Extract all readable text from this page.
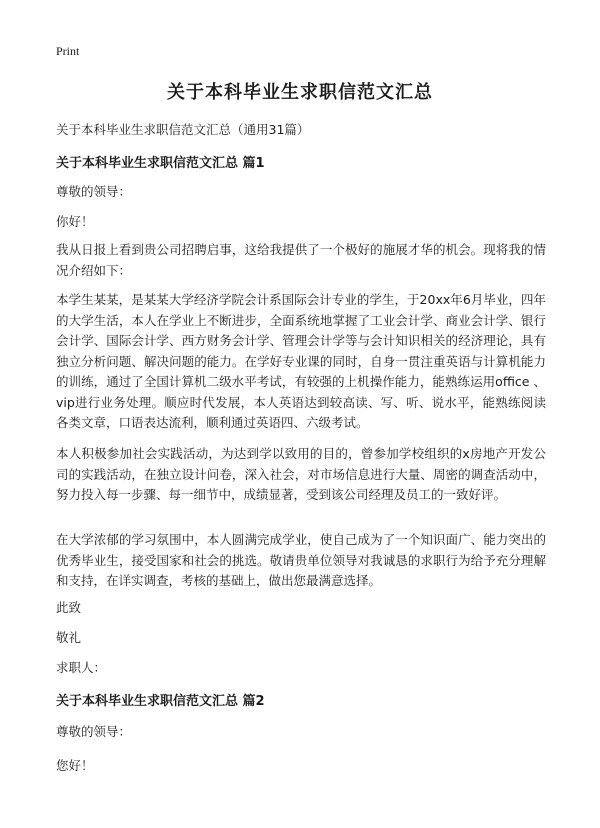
Print
关于本科毕业生求职信范文汇总

关于本科毕业生求职信范文汇总（通用31篇）

关于本科毕业生求职信范文汇总 篇1

尊敬的领导：

你好！

我从日报上看到贵公司招聘启事，这给我提供了一个极好的施展才华的机会。现将我的情况介绍如下：

本学生某某，是某某大学经济学院会计系国际会计专业的学生，于20xx年6月毕业，四年的大学生活，本人在学业上不断进步，全面系统地掌握了工业会计学、商业会计学、银行会计学、国际会计学、西方财务会计学、管理会计学等与会计知识相关的经济理论，具有独立分析问题、解决问题的能力。在学好专业课的同时，自身一贯注重英语与计算机能力的训练，通过了全国计算机二级水平考试，有较强的上机操作能力，能熟练运用office 、vip进行业务处理。顺应时代发展，本人英语达到较高读、写、听、说水平，能熟练阅读各类文章，口语表达流利，顺利通过英语四、六级考试。

本人积极参加社会实践活动，为达到学以致用的目的，曾参加学校组织的x房地产开发公司的实践活动，在独立设计问卷，深入社会，对市场信息进行大量、周密的调查活动中，努力投入每一步骤、每一细节中，成绩显著，受到该公司经理及员工的一致好评。

在大学浓郁的学习氛围中，本人圆满完成学业，使自己成为了一个知识面广、能力突出的优秀毕业生，接受国家和社会的挑选。敬请贵单位领导对我诚恳的求职行为给予充分理解和支持，在详实调查，考核的基础上，做出您最满意选择。

此致

敬礼

求职人：

关于本科毕业生求职信范文汇总 篇2

尊敬的领导：

您好！
